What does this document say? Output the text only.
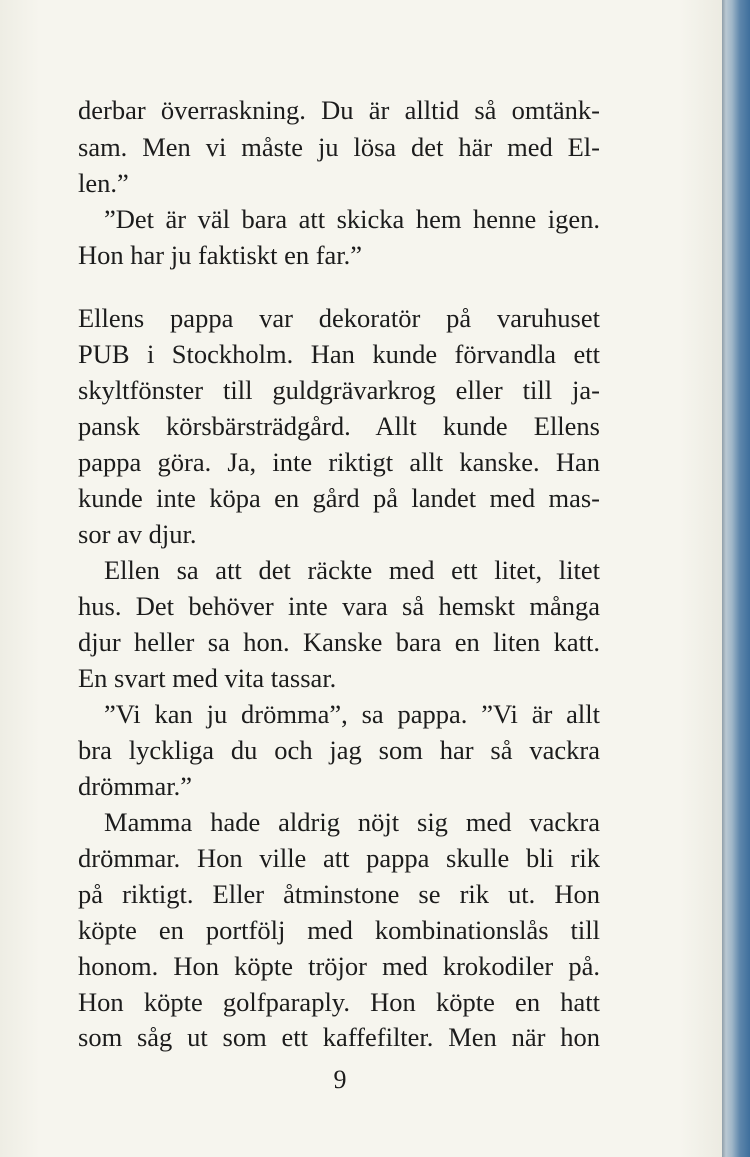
derbar överraskning. Du är alltid så omtänk-
sam. Men vi måste ju lösa det här med El-
len.”
”Det är väl bara att skicka hem henne igen.
Hon har ju faktiskt en far.”
Ellens pappa var dekoratör på varuhuset
PUB i Stockholm. Han kunde förvandla ett
skyltfönster till guldgrävarkrog eller till ja-
pansk körsbärsträdgård. Allt kunde Ellens
pappa göra. Ja, inte riktigt allt kanske. Han
kunde inte köpa en gård på landet med mas-
sor av djur.
Ellen sa att det räckte med ett litet, litet
hus. Det behöver inte vara så hemskt många
djur heller sa hon. Kanske bara en liten katt.
En svart med vita tassar.
”Vi kan ju drömma”, sa pappa. ”Vi är allt
bra lyckliga du och jag som har så vackra
drömmar.”
Mamma hade aldrig nöjt sig med vackra
drömmar. Hon ville att pappa skulle bli rik
på riktigt. Eller åtminstone se rik ut. Hon
köpte en portfölj med kombinationslås till
honom. Hon köpte tröjor med krokodiler på.
Hon köpte golfparaply. Hon köpte en hatt
som såg ut som ett kaffefilter. Men när hon
9
